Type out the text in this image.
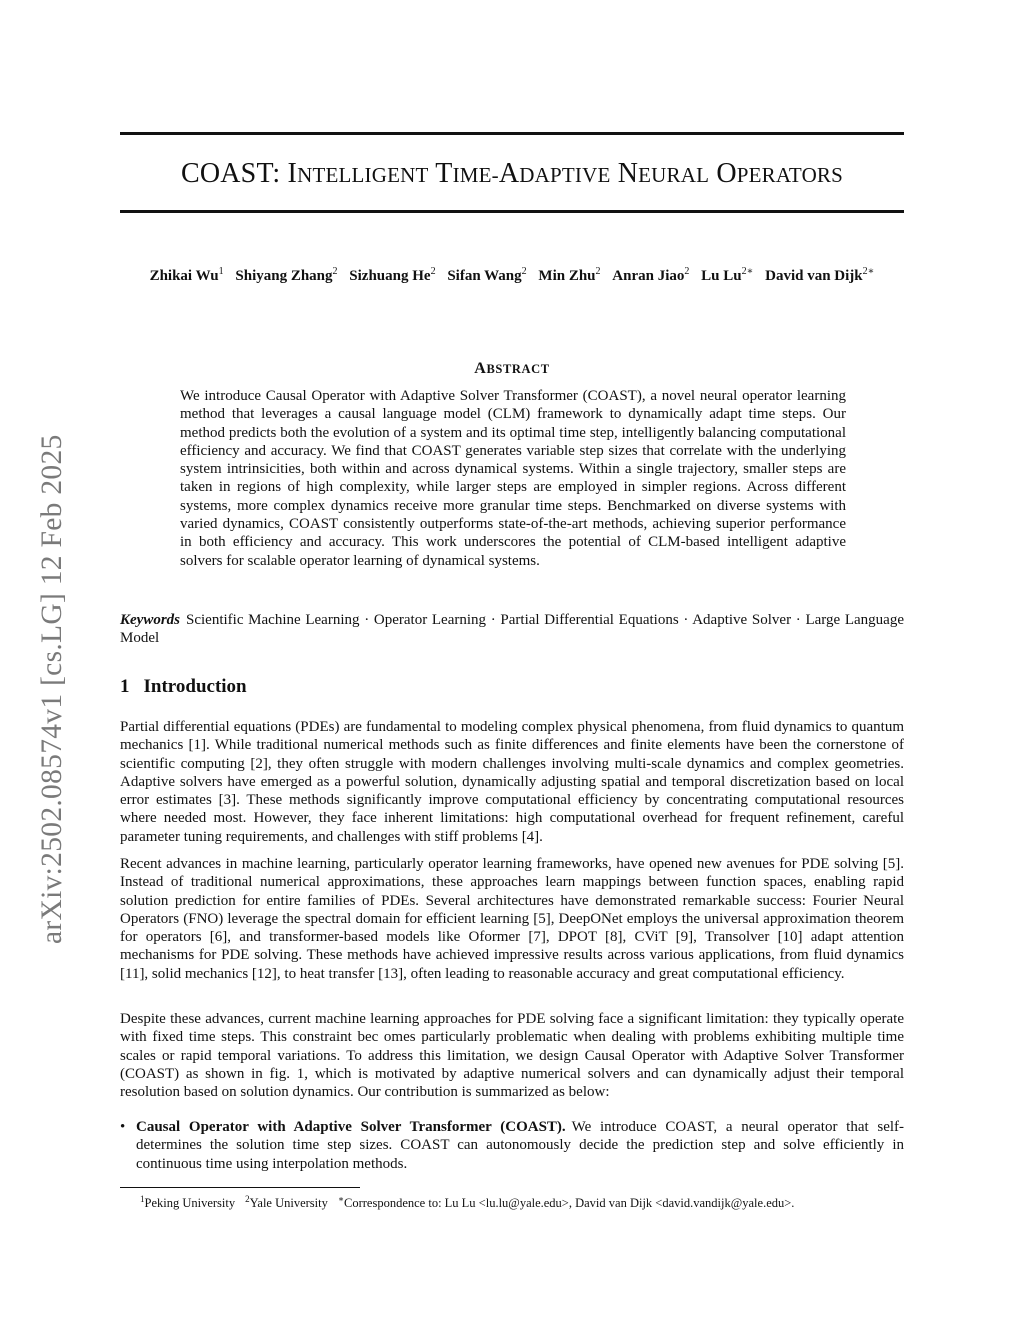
arXiv:2502.08574v1 [cs.LG] 12 Feb 2025
COAST: INTELLIGENT TIME-ADAPTIVE NEURAL OPERATORS
Zhikai Wu$^1$ Shiyang Zhang$^2$ Sizhuang He$^2$ Sifan Wang$^2$ Min Zhu$^2$ Anran Jiao$^2$ Lu $Lu^{2∗}$ David van Dijk$^{2∗}$
ABSTRACT

We introduce Causal Operator with Adaptive Solver Transformer (COAST), a novel neural operator learning method that leverages a causal language model (CLM) framework to dynamically adapt time steps. Our method predicts both the evolution of a system and its optimal time step, intelligently balancing computational efficiency and accuracy. We find that COAST generates variable step sizes that correlate with the underlying system intrinsicities, both within and across dynamical systems. Within a single trajectory, smaller steps are taken in regions of high complexity, while larger steps are employed in simpler regions. Across different systems, more complex dynamics receive more granular time steps. Benchmarked on diverse systems with varied dynamics, COAST consistently outperforms state-of-the-art methods, achieving superior performance in both efficiency and accuracy. This work underscores the potential of CLM-based intelligent adaptive solvers for scalable operator learning of dynamical systems.

Keywords Scientific Machine Learning · Operator Learning · Partial Differential Equations · Adaptive Solver · Large Language Model

1 Introduction

Partial differential equations (PDEs) are fundamental to modeling complex physical phenomena, from fluid dynamics to quantum mechanics [1]. While traditional numerical methods such as finite differences and finite elements have been the cornerstone of scientific computing [2], they often struggle with modern challenges involving multi-scale dynamics and complex geometries. Adaptive solvers have emerged as a powerful solution, dynamically adjusting spatial and temporal discretization based on local error estimates [3]. These methods significantly improve computational efficiency by concentrating computational resources where needed most. However, they face inherent limitations: high computational overhead for frequent refinement, careful parameter tuning requirements, and challenges with stiff problems [4].

Recent advances in machine learning, particularly operator learning frameworks, have opened new avenues for PDE solving [5]. Instead of traditional numerical approximations, these approaches learn mappings between function spaces, enabling rapid solution prediction for entire families of PDEs. Several architectures have demonstrated remarkable success: Fourier Neural Operators (FNO) leverage the spectral domain for efficient learning [5], DeepONet employs the universal approximation theorem for operators [6], and transformer-based models like Oformer [7], DPOT [8], CViT [9], Transolver [10] adapt attention mechanisms for PDE solving. These methods have achieved impressive results across various applications, from fluid dynamics [11], solid mechanics [12], to heat transfer [13], often leading to reasonable accuracy and great computational efficiency.

Despite these advances, current machine learning approaches for PDE solving face a significant limitation: they typically operate with fixed time steps. This constraint bec omes particularly problematic when dealing with problems exhibiting multiple time scales or rapid temporal variations. To address this limitation, we design Causal Operator with Adaptive Solver Transformer (COAST) as shown in fig. 1, which is motivated by adaptive numerical solvers and can dynamically adjust their temporal resolution based on solution dynamics. Our contribution is summarized as below:

• Causal Operator with Adaptive Solver Transformer (COAST). We introduce COAST, a neural operator that self-determines the solution time step sizes. COAST can autonomously decide the prediction step and solve efficiently in continuous time using interpolation methods.

$^1$Peking University $^2$Yale University ∗Correspondence to: Lu Lu <lu.lu@yale.edu>, David van Dijk <david.vandijk@yale.edu>.
